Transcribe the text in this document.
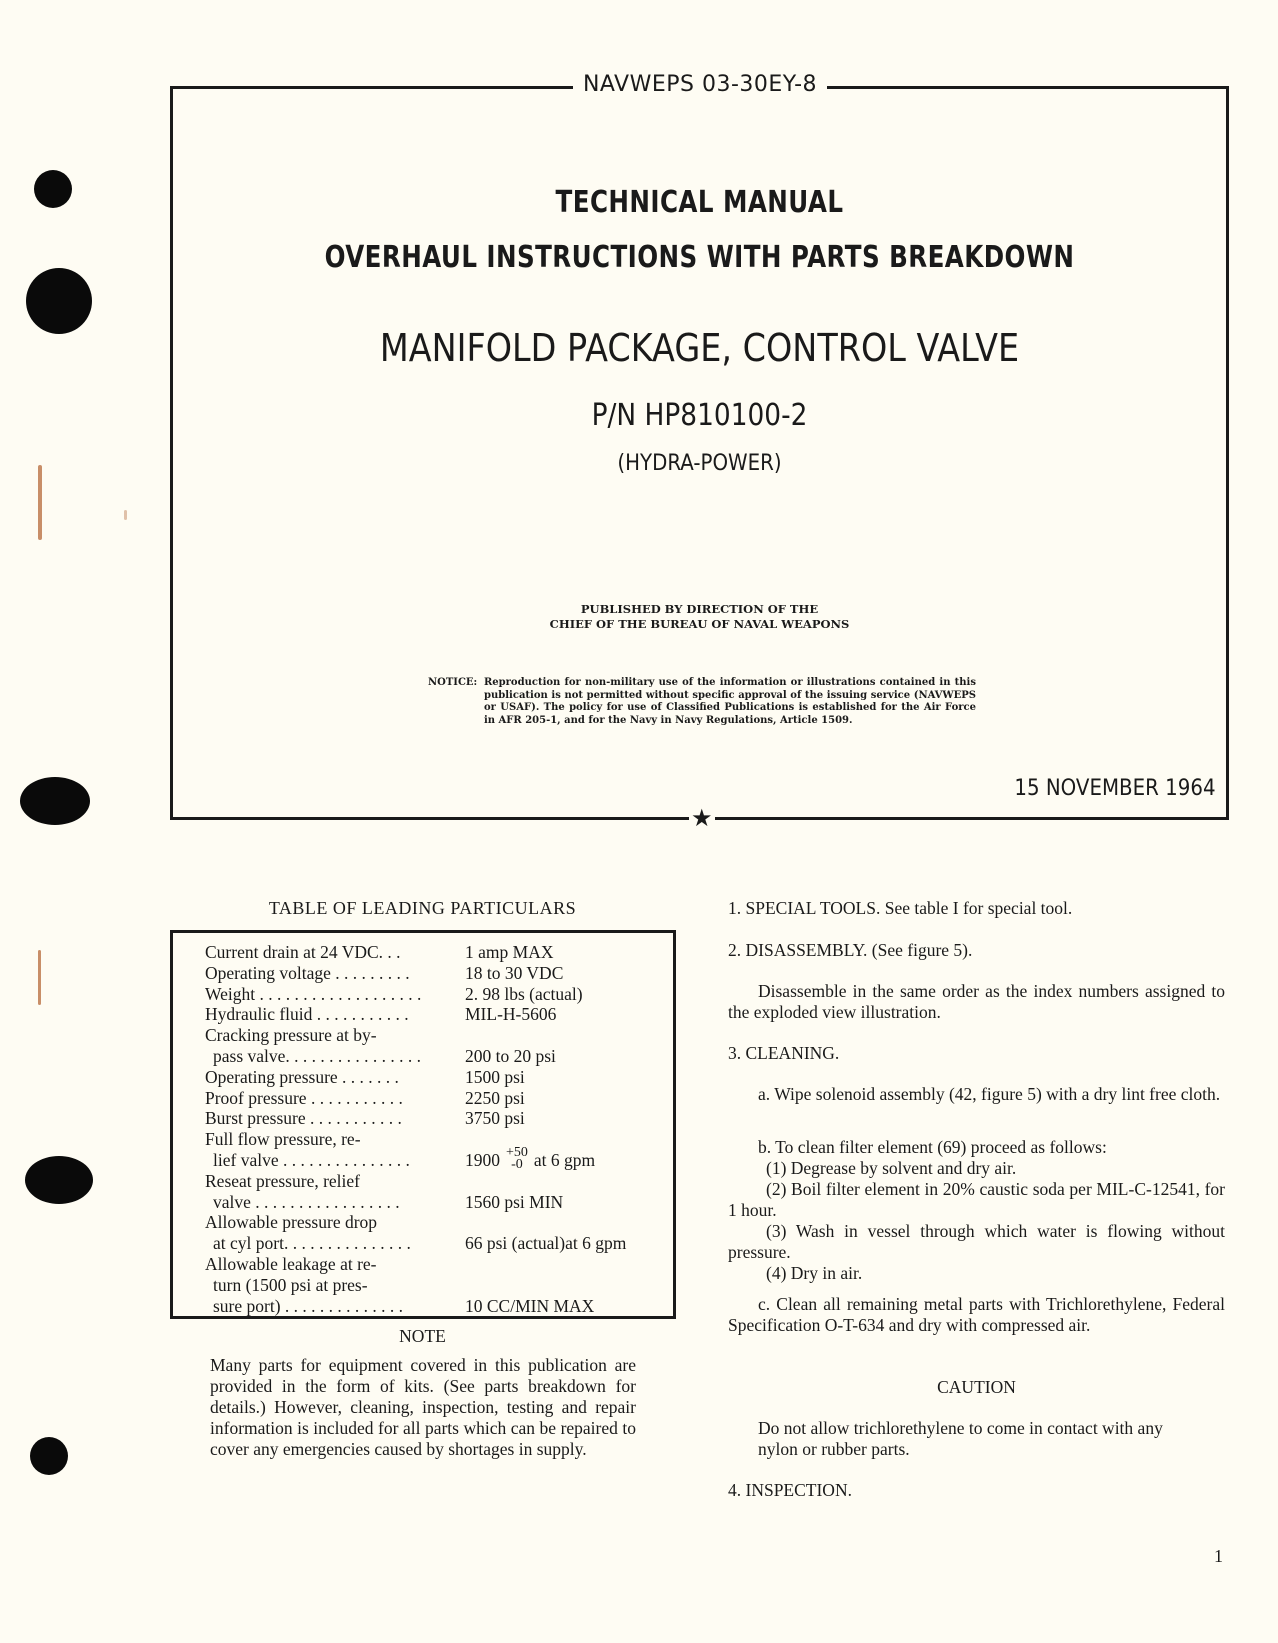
NAVWEPS 03-30EY-8
★
TECHNICAL MANUAL
OVERHAUL INSTRUCTIONS WITH PARTS BREAKDOWN
MANIFOLD PACKAGE, CONTROL VALVE
P/N HP810100-2
(HYDRA-POWER)
PUBLISHED BY DIRECTION OF THE
CHIEF OF THE BUREAU OF NAVAL WEAPONS
NOTICE: Reproduction for non-military use of the information or illustrations contained in this publication is not permitted without specific approval of the issuing service (NAVWEPS or USAF). The policy for use of Classified Publications is established for the Air Force in AFR 205-1, and for the Navy in Navy Regulations, Article 1509.
15 NOVEMBER 1964
TABLE OF LEADING PARTICULARS
Current drain at 24 VDC. . .	1 amp MAX
Operating voltage . . . . . . . . .	18 to 30 VDC
Weight . . . . . . . . . . . . . . . . . . . 2. 98 lbs (actual)
Hydraulic fluid . . . . . . . . . . .	MIL-H-5606
Cracking pressure at by-
pass valve. . . . . . . . . . . . . . . .	200 to 20 psi
Operating pressure . . . . . . .	1500 psi
Proof pressure . . . . . . . . . . .	2250 psi
Burst pressure . . . . . . . . . . .	3750 psi
Full flow pressure, re-
lief valve . . . . . . . . . . . . . . .	1900 +50
-0 at 6 gpm
Reseat pressure, relief
valve . . . . . . . . . . . . . . . . .	1560 psi MIN
Allowable pressure drop
at cyl port. . . . . . . . . . . . . . .	66 psi (actual)at 6 gpm
Allowable leakage at re-
turn (1500 psi at pres-
sure port) . . . . . . . . . . . . . .	10 CC/MIN MAX
NOTE
Many parts for equipment covered in this publication are provided in the form of kits. (See parts breakdown for details.) However, cleaning, inspection, testing and repair information is included for all parts which can be repaired to cover any emergencies caused by shortages in supply.

1. SPECIAL TOOLS. See table I for special tool.

2. DISASSEMBLY. (See figure 5).

Disassemble in the same order as the index numbers assigned to the exploded view illustration.

3. CLEANING.

a. Wipe solenoid assembly (42, figure 5) with a dry lint free cloth.

b. To clean filter element (69) proceed as follows:

(1) Degrease by solvent and dry air.

(2) Boil filter element in 20% caustic soda per MIL-C-12541, for 1 hour.

(3) Wash in vessel through which water is flowing without pressure.

(4) Dry in air.

c. Clean all remaining metal parts with Trichlorethylene, Federal Specification O-T-634 and dry with compressed air.

CAUTION

Do not allow trichlorethylene to come in contact with any nylon or rubber parts.

4. INSPECTION.

1
